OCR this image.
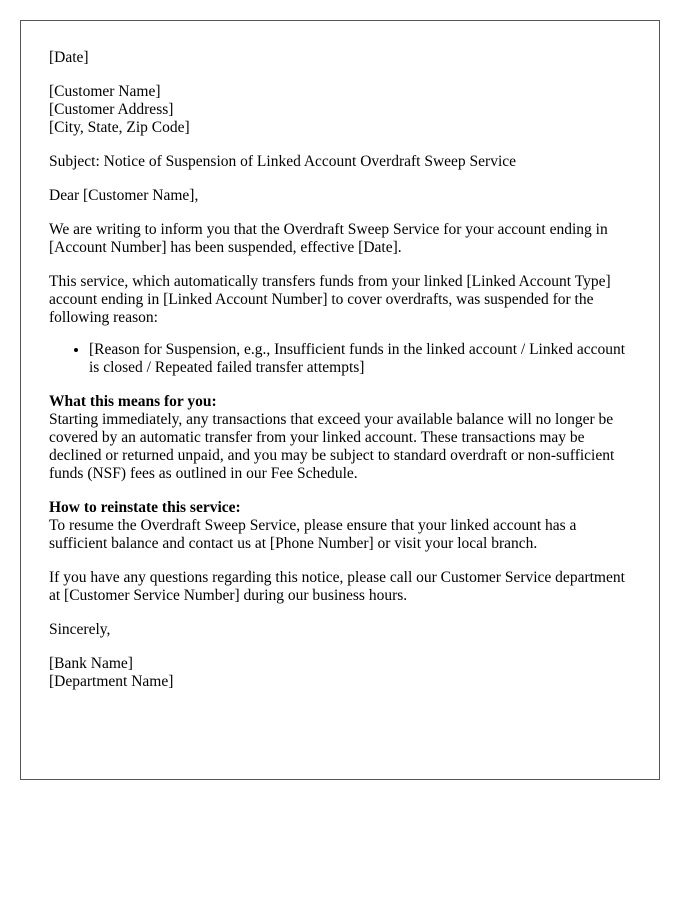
[Date]

[Customer Name]
[Customer Address]
[City, State, Zip Code]

Subject: Notice of Suspension of Linked Account Overdraft Sweep Service

Dear [Customer Name],

We are writing to inform you that the Overdraft Sweep Service for your account ending in [Account Number] has been suspended, effective [Date].

This service, which automatically transfers funds from your linked [Linked Account Type] account ending in [Linked Account Number] to cover overdrafts, was suspended for the following reason:

• [Reason for Suspension, e.g., Insufficient funds in the linked account / Linked account is closed / Repeated failed transfer attempts]
What this means for you:
Starting immediately, any transactions that exceed your available balance will no longer be covered by an automatic transfer from your linked account. These transactions may be declined or returned unpaid, and you may be subject to standard overdraft or non-sufficient funds (NSF) fees as outlined in our Fee Schedule.
How to reinstate this service:
To resume the Overdraft Sweep Service, please ensure that your linked account has a sufficient balance and contact us at [Phone Number] or visit your local branch.

If you have any questions regarding this notice, please call our Customer Service department at [Customer Service Number] during our business hours.

Sincerely,

[Bank Name]
[Department Name]
